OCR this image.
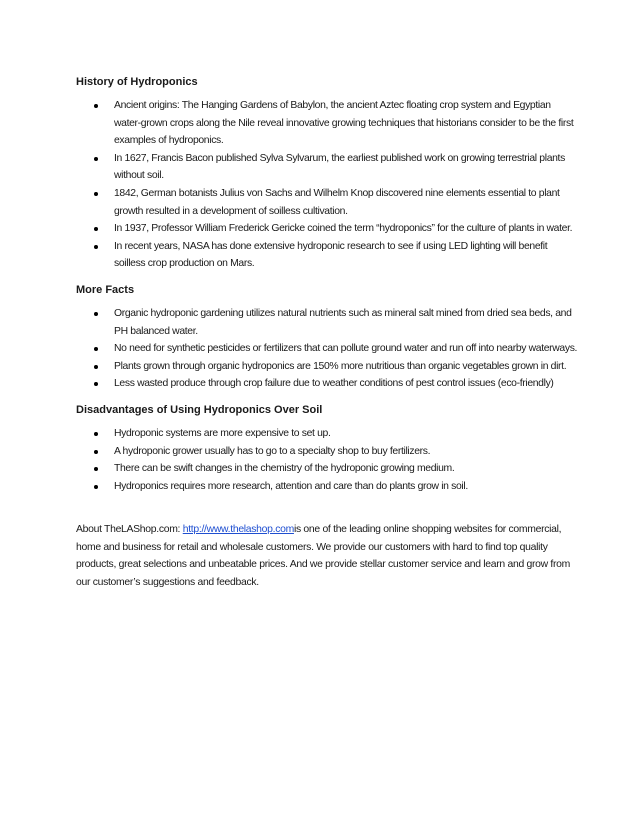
History of Hydroponics
Ancient origins: The Hanging Gardens of Babylon, the ancient Aztec floating crop system and Egyptian water-grown crops along the Nile reveal innovative growing techniques that historians consider to be the first examples of hydroponics.
In 1627, Francis Bacon published Sylva Sylvarum, the earliest published work on growing terrestrial plants without soil.
1842, German botanists Julius von Sachs and Wilhelm Knop discovered nine elements essential to plant growth resulted in a development of soilless cultivation.
In 1937, Professor William Frederick Gericke coined the term “hydroponics” for the culture of plants in water.
In recent years, NASA has done extensive hydroponic research to see if using LED lighting will benefit soilless crop production on Mars.
More Facts
Organic hydroponic gardening utilizes natural nutrients such as mineral salt mined from dried sea beds, and PH balanced water.
No need for synthetic pesticides or fertilizers that can pollute ground water and run off into nearby waterways.
Plants grown through organic hydroponics are 150% more nutritious than organic vegetables grown in dirt.
Less wasted produce through crop failure due to weather conditions of pest control issues (eco-friendly)
Disadvantages of Using Hydroponics Over Soil
Hydroponic systems are more expensive to set up.
A hydroponic grower usually has to go to a specialty shop to buy fertilizers.
There can be swift changes in the chemistry of the hydroponic growing medium.
Hydroponics requires more research, attention and care than do plants grow in soil.

About TheLAShop.com: http://www.thelashop.comis one of the leading online shopping websites for commercial, home and business for retail and wholesale customers. We provide our customers with hard to find top quality products, great selections and unbeatable prices. And we provide stellar customer service and learn and grow from our customer’s suggestions and feedback.
